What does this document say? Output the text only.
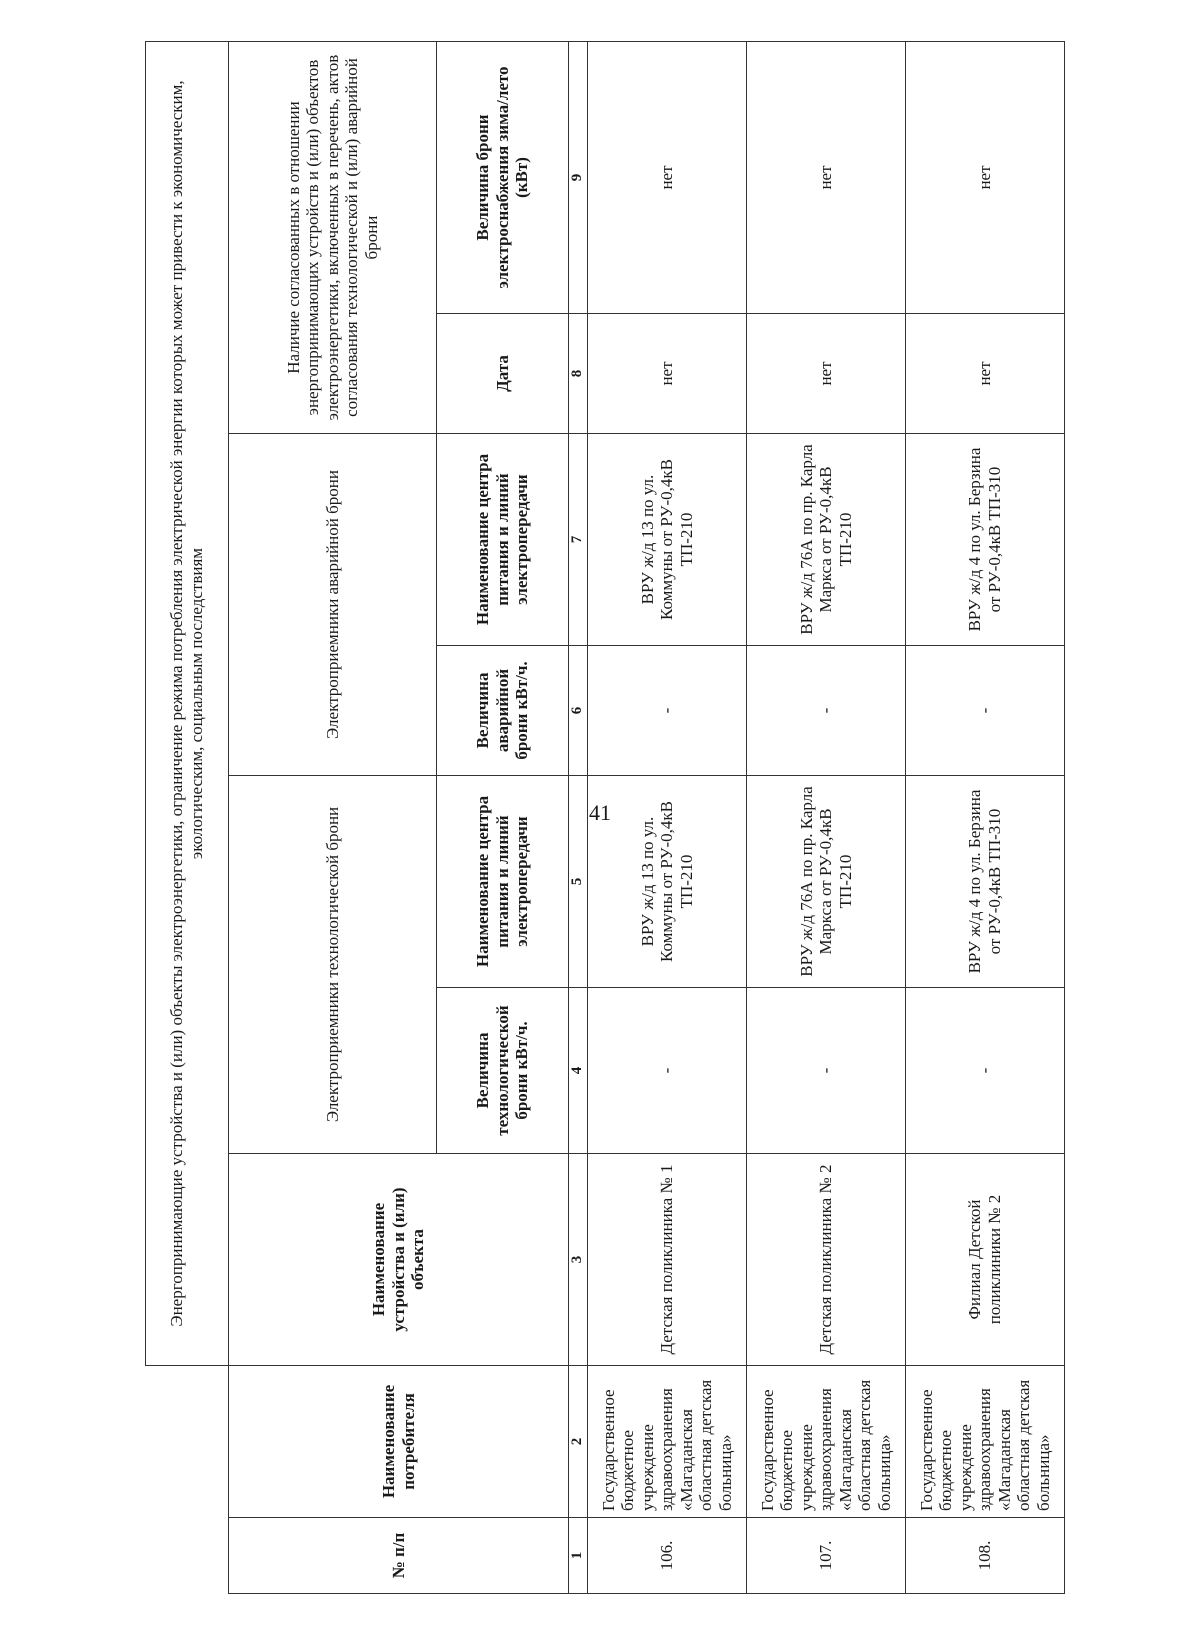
41
		Энергопринимающие устройства и (или) объекты электроэнергетики, ограничение режима потребления электрической энергии которых может привести к экономическим, экологическим, социальным последствиям						
№ п/п	Наименование потребителя	Наименование устройства и (или) объекта	Электроприемники технологической брони		Электроприемники аварийной брони		Наличие согласованных в отношении энергопринимающих устройств и (или) объектов электроэнергетики, включенных в перечень, актов согласования технологической и (или) аварийной брони	
			Величина технологической брони кВт/ч.	Наименование центра питания и линий электропередачи	Величина аварийной брони кВт/ч.	Наименование центра питания и линий электропередачи	Дата	Величина брони электроснабжения зима/лето (кВт)
1	2	3	4	5	6	7	8	9
106.	Государственное бюджетное учреждение здравоохранения «Магаданская областная детская больница»	Детская поликлиника № 1	-	ВРУ ж/д 13 по ул. Коммуны от РУ-0,4кВ ТП-210	-	ВРУ ж/д 13 по ул. Коммуны от РУ-0,4кВ ТП-210	нет	нет
107.	Государственное бюджетное учреждение здравоохранения «Магаданская областная детская больница»	Детская поликлиника № 2	-	ВРУ ж/д 76А по пр. Карла Маркса от РУ-0,4кВ ТП-210	-	ВРУ ж/д 76А по пр. Карла Маркса от РУ-0,4кВ ТП-210	нет	нет
108.	Государственное бюджетное учреждение здравоохранения «Магаданская областная детская больница»	Филиал Детской поликлиники № 2	-	ВРУ ж/д 4 по ул. Берзина от РУ-0,4кВ ТП-310	-	ВРУ ж/д 4 по ул. Берзина от РУ-0,4кВ ТП-310	нет	нет
